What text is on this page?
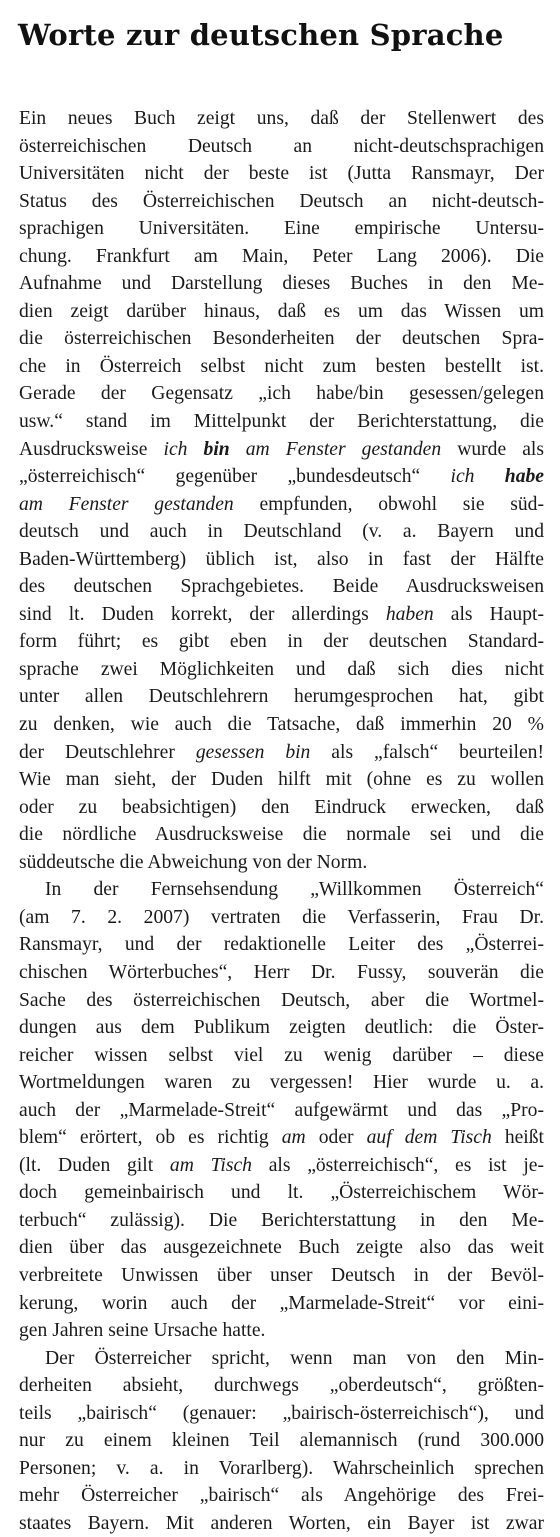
Worte zur deutschen Sprache
Ein neues Buch zeigt uns, daß der Stellenwert des
österreichischen Deutsch an nicht-deutschsprachigen
Universitäten nicht der beste ist (Jutta Ransmayr, Der
Status des Österreichischen Deutsch an nicht-deutsch-
sprachigen Universitäten. Eine empirische Untersu-
chung. Frankfurt am Main, Peter Lang 2006). Die
Aufnahme und Darstellung dieses Buches in den Me-
dien zeigt darüber hinaus, daß es um das Wissen um
die österreichischen Besonderheiten der deutschen Spra-
che in Österreich selbst nicht zum besten bestellt ist.
Gerade der Gegensatz „ich habe/bin gesessen/gelegen
usw.“ stand im Mittelpunkt der Berichterstattung, die
Ausdrucksweise ich bin am Fenster gestanden wurde als
„österreichisch“ gegenüber „bundesdeutsch“ ich habe
am Fenster gestanden empfunden, obwohl sie süd-
deutsch und auch in Deutschland (v. a. Bayern und
Baden-Württemberg) üblich ist, also in fast der Hälfte
des deutschen Sprachgebietes. Beide Ausdrucksweisen
sind lt. Duden korrekt, der allerdings haben als Haupt-
form führt; es gibt eben in der deutschen Standard-
sprache zwei Möglichkeiten und daß sich dies nicht
unter allen Deutschlehrern herumgesprochen hat, gibt
zu denken, wie auch die Tatsache, daß immerhin 20 %
der Deutschlehrer gesessen bin als „falsch“ beurteilen!
Wie man sieht, der Duden hilft mit (ohne es zu wollen
oder zu beabsichtigen) den Eindruck erwecken, daß
die nördliche Ausdrucksweise die normale sei und die
süddeutsche die Abweichung von der Norm.
In der Fernsehsendung „Willkommen Österreich“
(am 7. 2. 2007) vertraten die Verfasserin, Frau Dr.
Ransmayr, und der redaktionelle Leiter des „Österrei-
chischen Wörterbuches“, Herr Dr. Fussy, souverän die
Sache des österreichischen Deutsch, aber die Wortmel-
dungen aus dem Publikum zeigten deutlich: die Öster-
reicher wissen selbst viel zu wenig darüber – diese
Wortmeldungen waren zu vergessen! Hier wurde u. a.
auch der „Marmelade-Streit“ aufgewärmt und das „Pro-
blem“ erörtert, ob es richtig am oder auf dem Tisch heißt
(lt. Duden gilt am Tisch als „österreichisch“, es ist je-
doch gemeinbairisch und lt. „Österreichischem Wör-
terbuch“ zulässig). Die Berichterstattung in den Me-
dien über das ausgezeichnete Buch zeigte also das weit
verbreitete Unwissen über unser Deutsch in der Bevöl-
kerung, worin auch der „Marmelade-Streit“ vor eini-
gen Jahren seine Ursache hatte.
Der Österreicher spricht, wenn man von den Min-
derheiten absieht, durchwegs „oberdeutsch“, größten-
teils „bairisch“ (genauer: „bairisch-österreichisch“), und
nur zu einem kleinen Teil alemannisch (rund 300.000
Personen; v. a. in Vorarlberg). Wahrscheinlich sprechen
mehr Österreicher „bairisch“ als Angehörige des Frei-
staates Bayern. Mit anderen Worten, ein Bayer ist zwar
